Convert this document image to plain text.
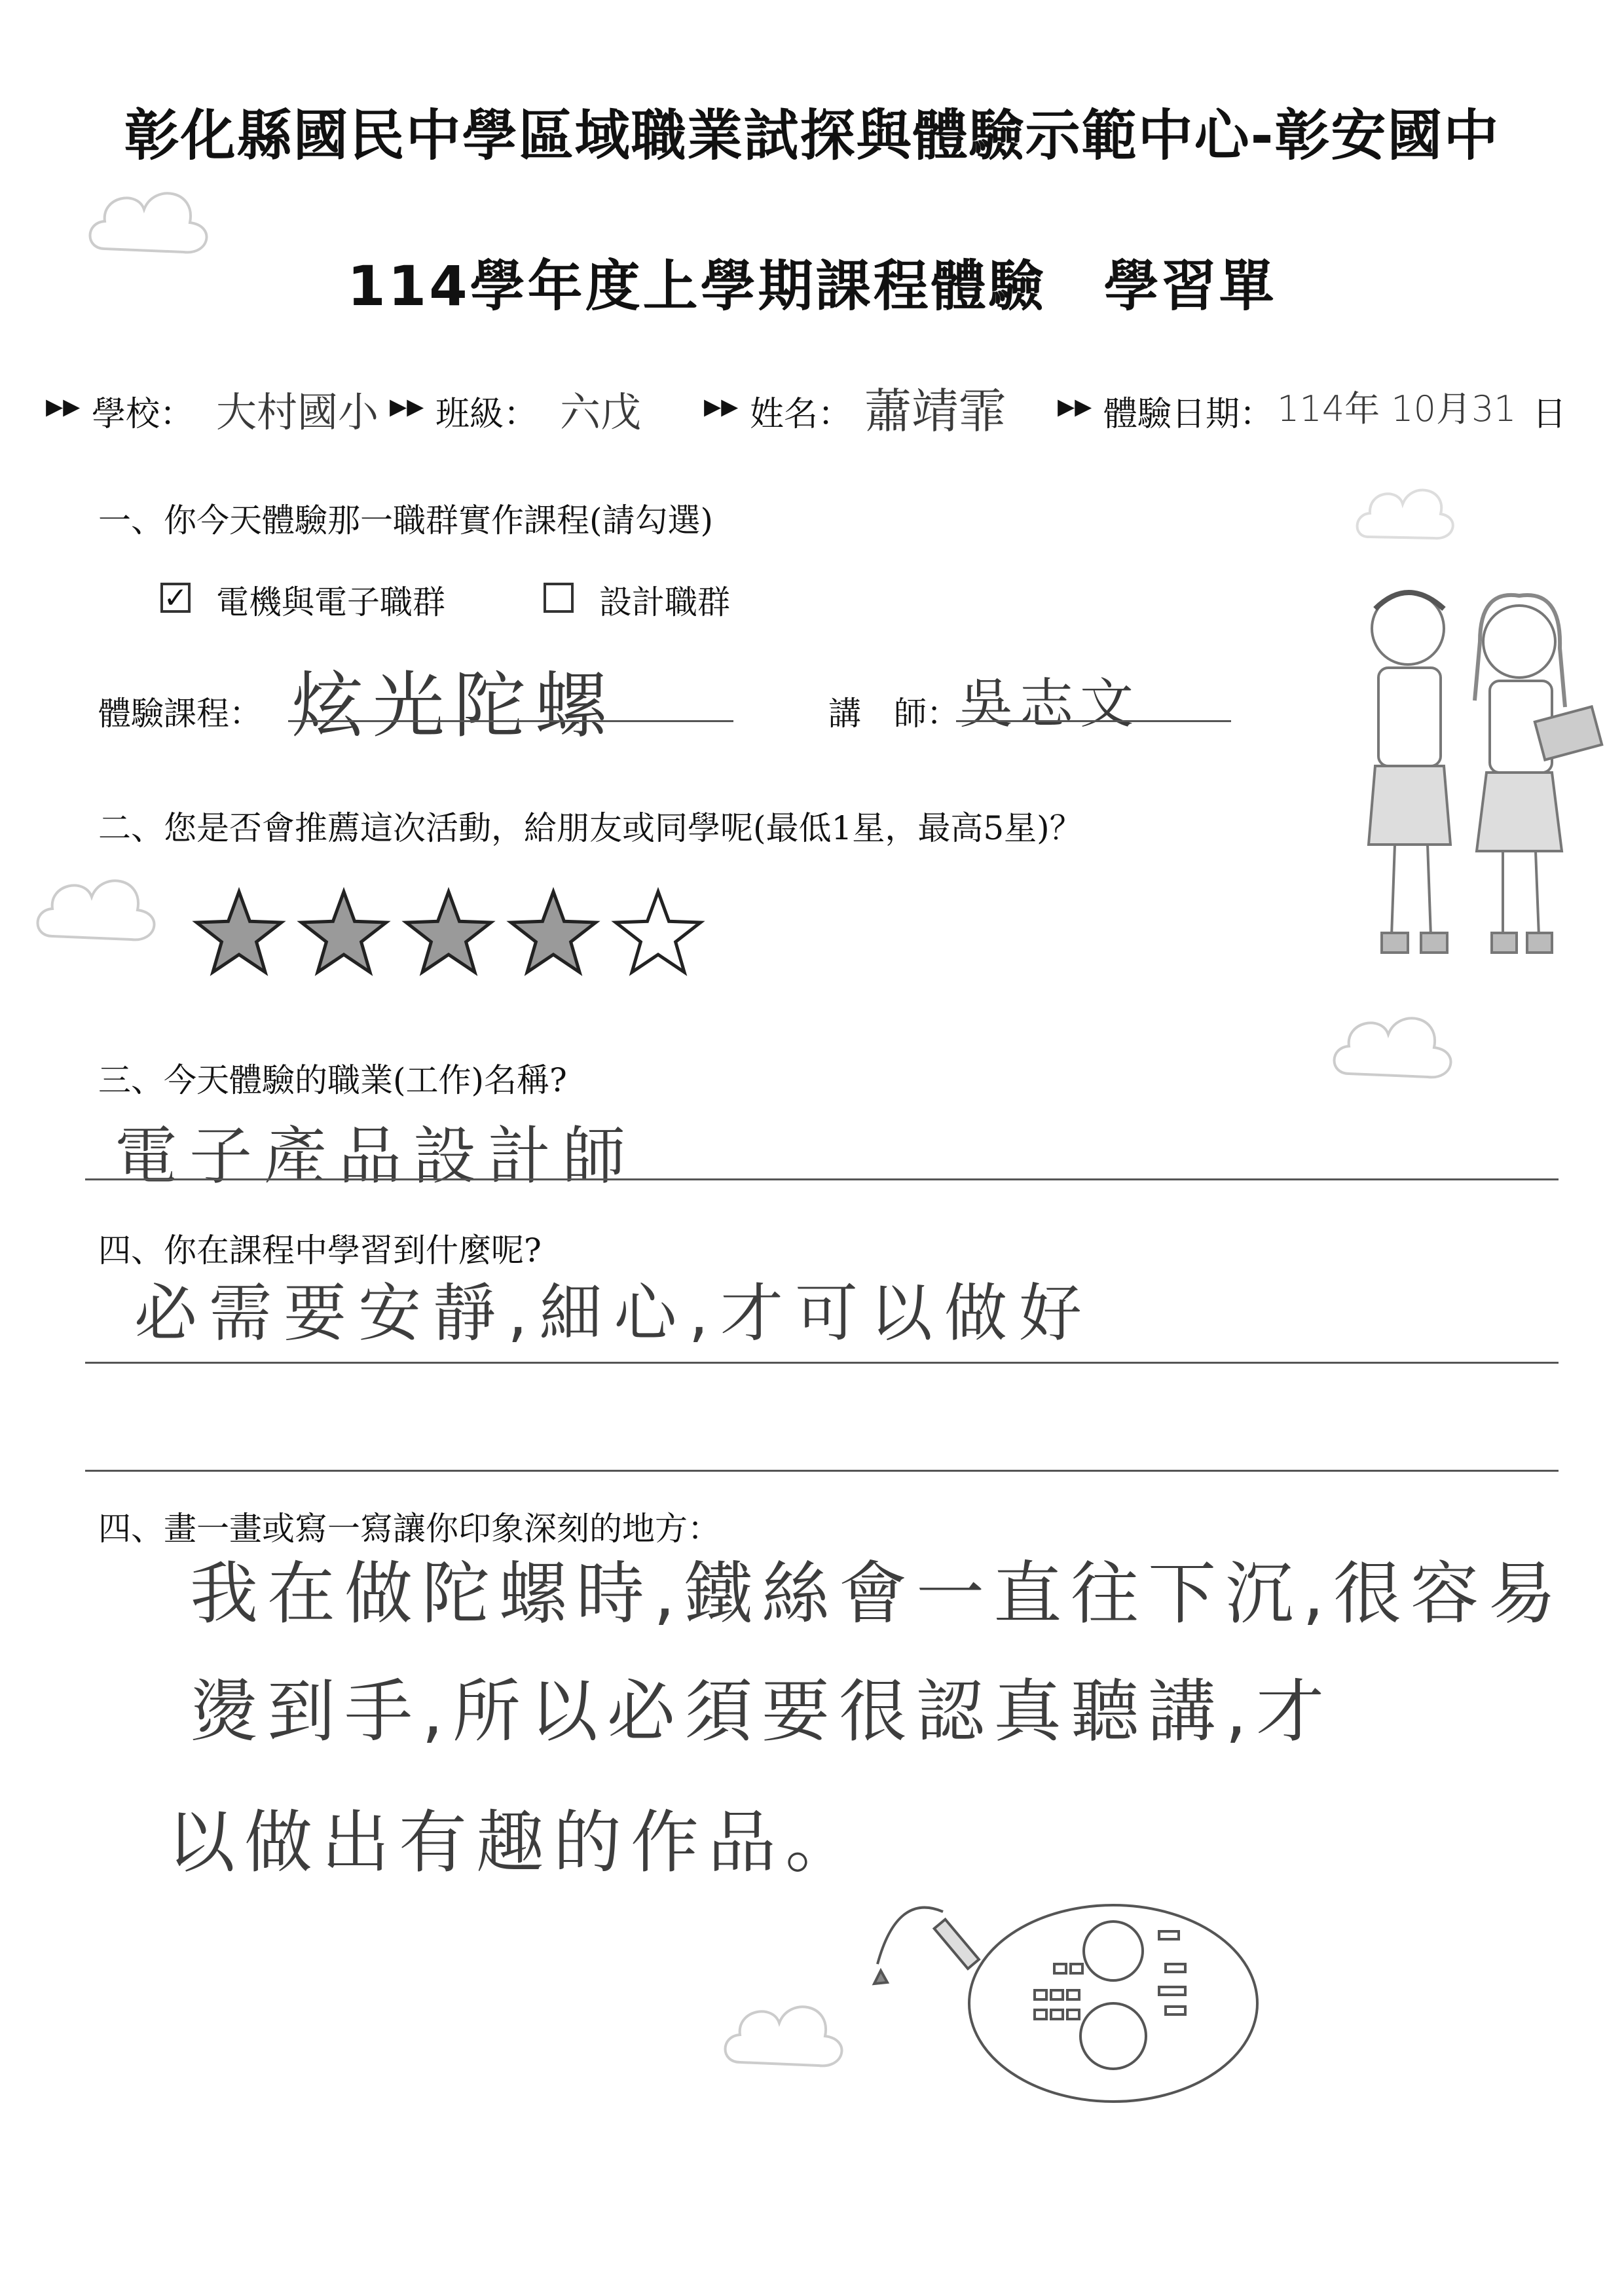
彰化縣國民中學區域職業試探與體驗示範中心-彰安國中
114學年度上學期課程體驗　學習單
▸▸ 學校： 大村國小 ▸▸ 班級： 六戊 ▸▸ 姓名： 蕭靖霏 ▸▸ 體驗日期： 114年 10月31 日
一、你今天體驗那一職群實作課程(請勾選)
✓ 電機與電子職群	設計職群
體驗課程： 炫光陀螺	講　師： 吳志文
二、您是否會推薦這次活動，給朋友或同學呢(最低1星，最高5星)？
三、今天體驗的職業(工作)名稱?
電子產品設計師
四、你在課程中學習到什麼呢?
必需要安靜,細心,才可以做好
四、畫一畫或寫一寫讓你印象深刻的地方：
我在做陀螺時,鐵絲會一直往下沉,很容易
燙到手,所以必須要很認真聽講,才
以做出有趣的作品。
